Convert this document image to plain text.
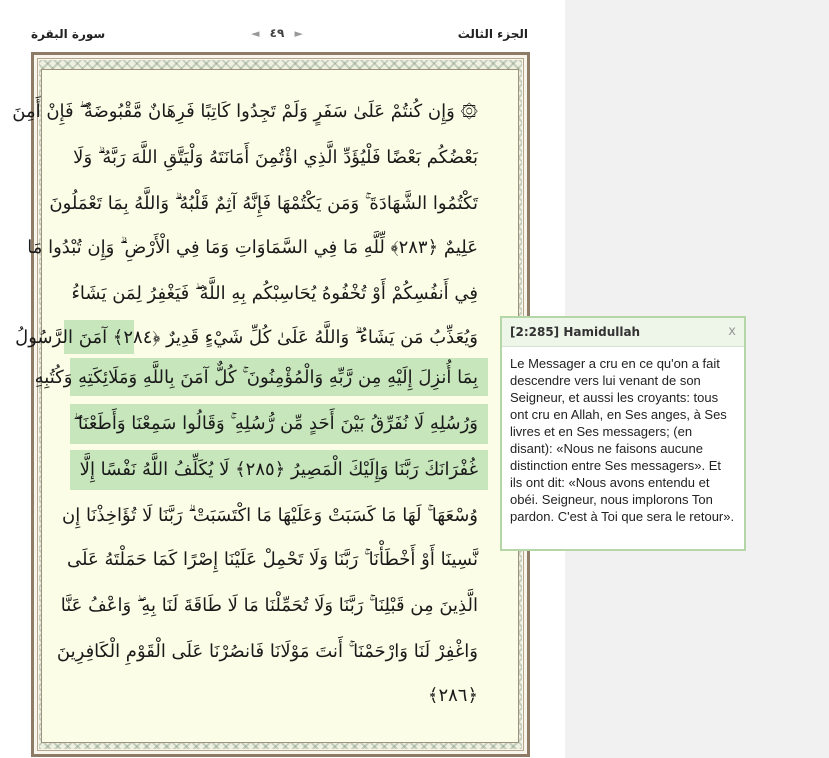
سورة البقرة	◄ ٤٩ ►	الجزء الثالث
۞ وَإِن كُنتُمْ عَلَىٰ سَفَرٍ وَلَمْ تَجِدُوا كَاتِبًا فَرِهَانٌ مَّقْبُوضَةٌ ۖ فَإِنْ أَمِنَ
بَعْضُكُم بَعْضًا فَلْيُؤَدِّ الَّذِي اؤْتُمِنَ أَمَانَتَهُ وَلْيَتَّقِ اللَّهَ رَبَّهُ ۗ وَلَا
تَكْتُمُوا الشَّهَادَةَ ۚ وَمَن يَكْتُمْهَا فَإِنَّهُ آثِمٌ قَلْبُهُ ۗ وَاللَّهُ بِمَا تَعْمَلُونَ
عَلِيمٌ ﴿٢٨٣﴾ لِّلَّهِ مَا فِي السَّمَاوَاتِ وَمَا فِي الْأَرْضِ ۗ وَإِن تُبْدُوا مَا
فِي أَنفُسِكُمْ أَوْ تُخْفُوهُ يُحَاسِبْكُم بِهِ اللَّهُ ۖ فَيَغْفِرُ لِمَن يَشَاءُ
وَيُعَذِّبُ مَن يَشَاءُ ۗ وَاللَّهُ عَلَىٰ كُلِّ شَيْءٍ قَدِيرٌ ﴿٢٨٤﴾ آمَنَ الرَّسُولُ
بِمَا أُنزِلَ إِلَيْهِ مِن رَّبِّهِ وَالْمُؤْمِنُونَ ۚ كُلٌّ آمَنَ بِاللَّهِ وَمَلَائِكَتِهِ وَكُتُبِهِ
وَرُسُلِهِ لَا نُفَرِّقُ بَيْنَ أَحَدٍ مِّن رُّسُلِهِ ۚ وَقَالُوا سَمِعْنَا وَأَطَعْنَا ۖ
غُفْرَانَكَ رَبَّنَا وَإِلَيْكَ الْمَصِيرُ ﴿٢٨٥﴾ لَا يُكَلِّفُ اللَّهُ نَفْسًا إِلَّا
وُسْعَهَا ۚ لَهَا مَا كَسَبَتْ وَعَلَيْهَا مَا اكْتَسَبَتْ ۗ رَبَّنَا لَا تُؤَاخِذْنَا إِن
نَّسِينَا أَوْ أَخْطَأْنَا ۚ رَبَّنَا وَلَا تَحْمِلْ عَلَيْنَا إِصْرًا كَمَا حَمَلْتَهُ عَلَى
الَّذِينَ مِن قَبْلِنَا ۚ رَبَّنَا وَلَا تُحَمِّلْنَا مَا لَا طَاقَةَ لَنَا بِهِ ۖ وَاعْفُ عَنَّا
وَاغْفِرْ لَنَا وَارْحَمْنَا ۚ أَنتَ مَوْلَانَا فَانصُرْنَا عَلَى الْقَوْمِ الْكَافِرِينَ
﴿٢٨٦﴾
[2:285] Hamidullah	x
Le Messager a cru en ce qu'on a fait descendre vers lui venant de son Seigneur, et aussi les croyants: tous ont cru en Allah, en Ses anges, à Ses livres et en Ses messagers; (en disant): «Nous ne faisons aucune distinction entre Ses messagers». Et ils ont dit: «Nous avons entendu et obéi. Seigneur, nous implorons Ton pardon. C'est à Toi que sera le retour».
